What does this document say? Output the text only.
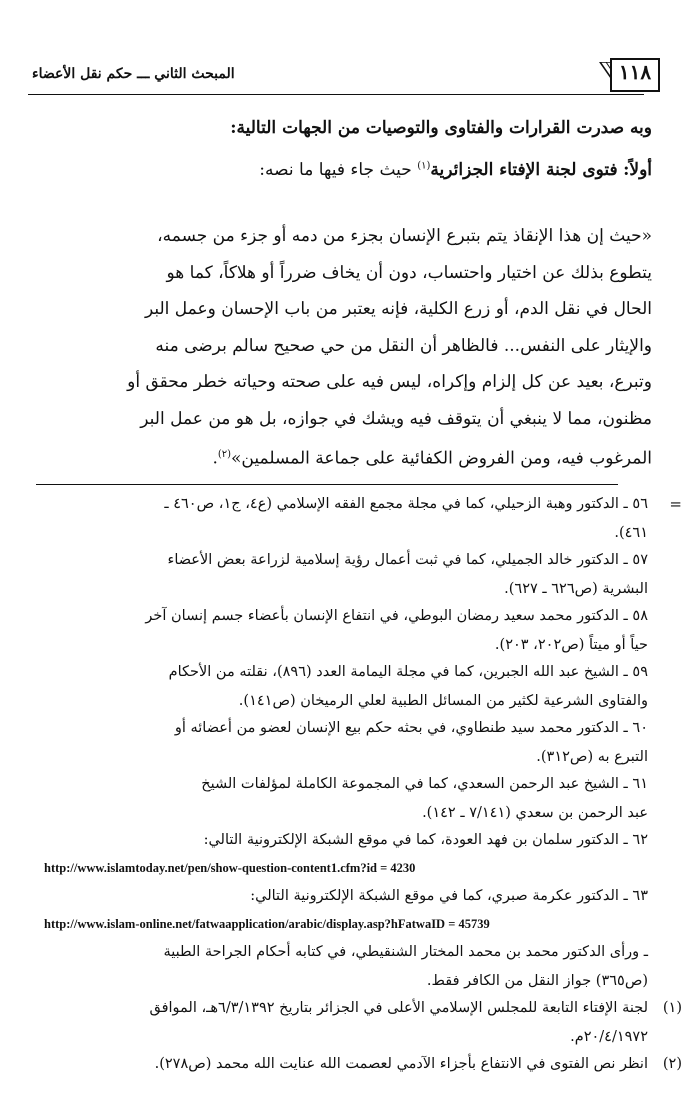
١١٨
المبحث الثاني ـــ حكم نقل الأعضاء
وبه صدرت القرارات والفتاوى والتوصيات من الجهات التالية:
أولاً: فتوى لجنة الإفتاء الجزائرية$^{(١)}$ حيث جاء فيها ما نصه:

«حيث إن هذا الإنقاذ يتم بتبرع الإنسان بجزء من دمه أو جزء من جسمه،

يتطوع بذلك عن اختيار واحتساب، دون أن يخاف ضرراً أو هلاكاً، كما هو

الحال في نقل الدم، أو زرع الكلية، فإنه يعتبر من باب الإحسان وعمل البر

والإيثار على النفس... فالظاهر أن النقل من حي صحيح سالم برضى منه

وتبرع، بعيد عن كل إلزام وإكراه، ليس فيه على صحته وحياته خطر محقق أو

مظنون، مما لا ينبغي أن يتوقف فيه ويشك في جوازه، بل هو من عمل البر

المرغوب فيه، ومن الفروض الكفائية على جماعة المسلمين»$^{(٢)}$.

=
٥٦ ـ الدكتور وهبة الزحيلي، كما في مجلة مجمع الفقه الإسلامي (ع٤، ج١، ص٤٦٠ ـ
٤٦١).
٥٧ ـ الدكتور خالد الجميلي، كما في ثبت أعمال رؤية إسلامية لزراعة بعض الأعضاء
البشرية (ص٦٢٦ ـ ٦٢٧).
٥٨ ـ الدكتور محمد سعيد رمضان البوطي، في انتفاع الإنسان بأعضاء جسم إنسان آخر
حياً أو ميتاً (ص٢٠٢، ٢٠٣).
٥٩ ـ الشيخ عبد الله الجبرين، كما في مجلة اليمامة العدد (٨٩٦)، نقلته من الأحكام
والفتاوى الشرعية لكثير من المسائل الطبية لعلي الرميخان (ص١٤١).
٦٠ ـ الدكتور محمد سيد طنطاوي، في بحثه حكم بيع الإنسان لعضو من أعضائه أو
التبرع به (ص٣١٢).
٦١ ـ الشيخ عبد الرحمن السعدي، كما في المجموعة الكاملة لمؤلفات الشيخ
عبد الرحمن بن سعدي (٧/١٤١ ـ ١٤٢).
٦٢ ـ الدكتور سلمان بن فهد العودة، كما في موقع الشبكة الإلكترونية التالي:
http://www.islamtoday.net/pen/show-question-content1.cfm?id = 4230
٦٣ ـ الدكتور عكرمة صبري، كما في موقع الشبكة الإلكترونية التالي:
http://www.islam-online.net/fatwaapplication/arabic/display.asp?hFatwaID = 45739
ـ ورأى الدكتور محمد بن محمد المختار الشنقيطي، في كتابه أحكام الجراحة الطبية
(ص٣٦٥) جواز النقل من الكافر فقط.
(١)
لجنة الإفتاء التابعة للمجلس الإسلامي الأعلى في الجزائر بتاريخ ٦/٣/١٣٩٢هـ، الموافق
٢٠/٤/١٩٧٢م.
(٢)
انظر نص الفتوى في الانتفاع بأجزاء الآدمي لعصمت الله عنايت الله محمد (ص٢٧٨).
